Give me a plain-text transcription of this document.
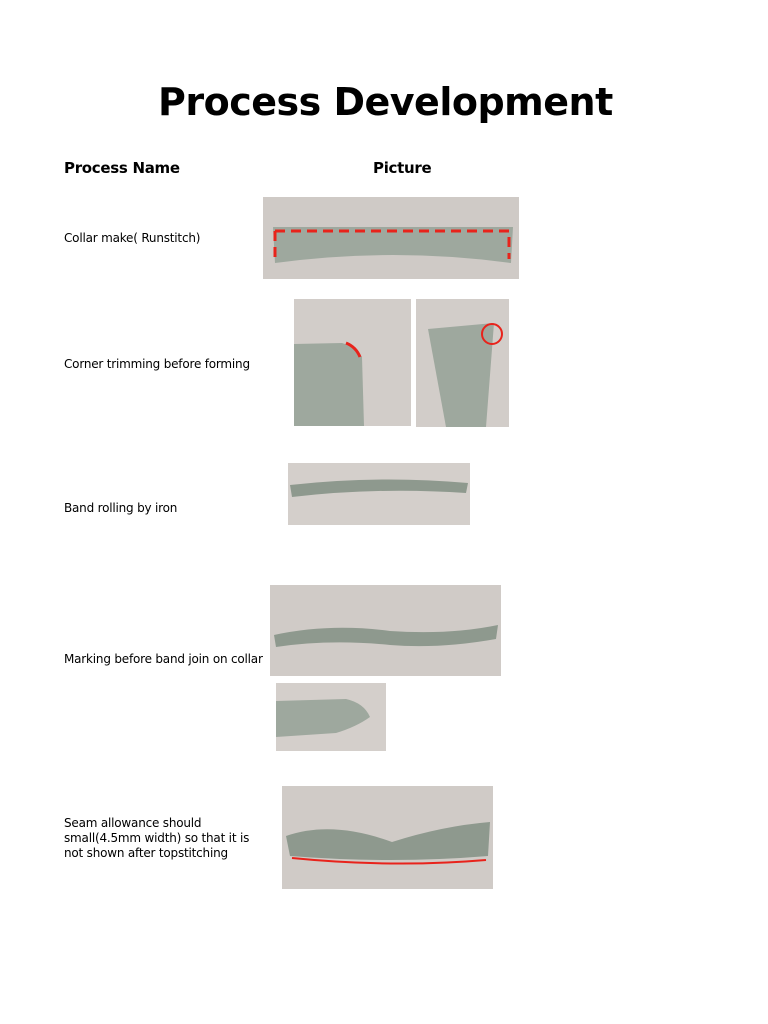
Process Development
Process Name	Picture
Collar make( Runstitch)
Corner trimming before forming
Band rolling by iron
Marking before band join on collar
Seam allowance should small(4.5mm width) so that it is not shown after topstitching
